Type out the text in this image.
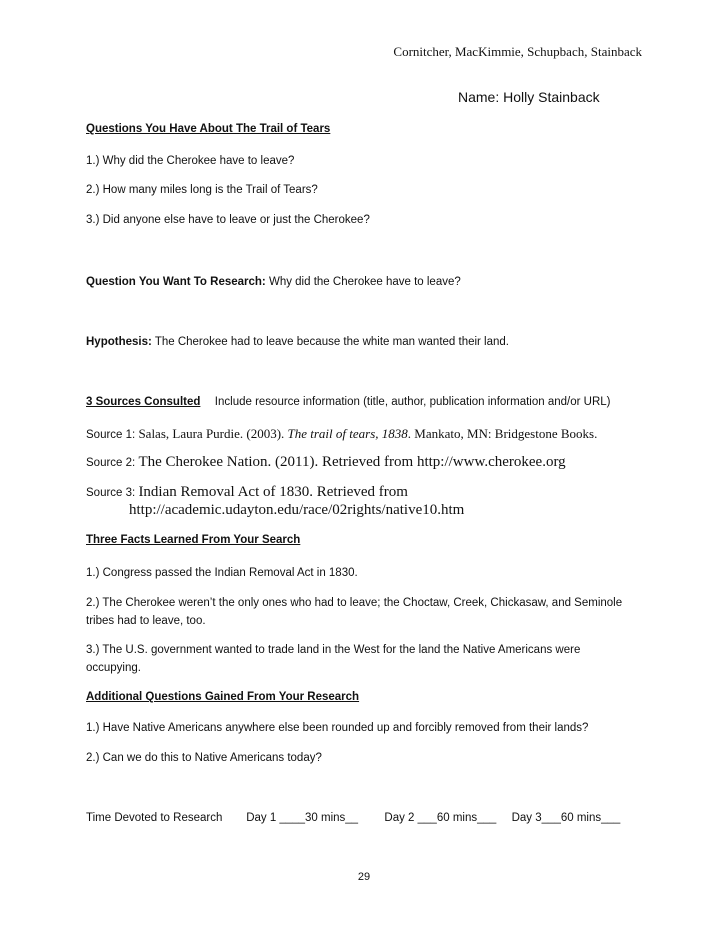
Cornitcher, MacKimmie, Schupbach, Stainback
Name: Holly Stainback
Questions You Have About The Trail of Tears
1.) Why did the Cherokee have to leave?
2.) How many miles long is the Trail of Tears?
3.) Did anyone else have to leave or just the Cherokee?
Question You Want To Research: Why did the Cherokee have to leave?
Hypothesis: The Cherokee had to leave because the white man wanted their land.
3 Sources Consulted Include resource information (title, author, publication information and/or URL)
Source 1: Salas, Laura Purdie. (2003). The trail of tears, 1838. Mankato, MN: Bridgestone Books.
Source 2: The Cherokee Nation. (2011). Retrieved from http://www.cherokee.org
Source 3: Indian Removal Act of 1830. Retrieved from
http://academic.udayton.edu/race/02rights/native10.htm
Three Facts Learned From Your Search
1.) Congress passed the Indian Removal Act in 1830.
2.) The Cherokee weren’t the only ones who had to leave; the Choctaw, Creek, Chickasaw, and Seminole
tribes had to leave, too.
3.) The U.S. government wanted to trade land in the West for the land the Native Americans were
occupying.
Additional Questions Gained From Your Research
1.) Have Native Americans anywhere else been rounded up and forcibly removed from their lands?
2.) Can we do this to Native Americans today?
Time Devoted to Research Day 1 ____30 mins__ Day 2 ___60 mins___ Day 3___60 mins___
29
